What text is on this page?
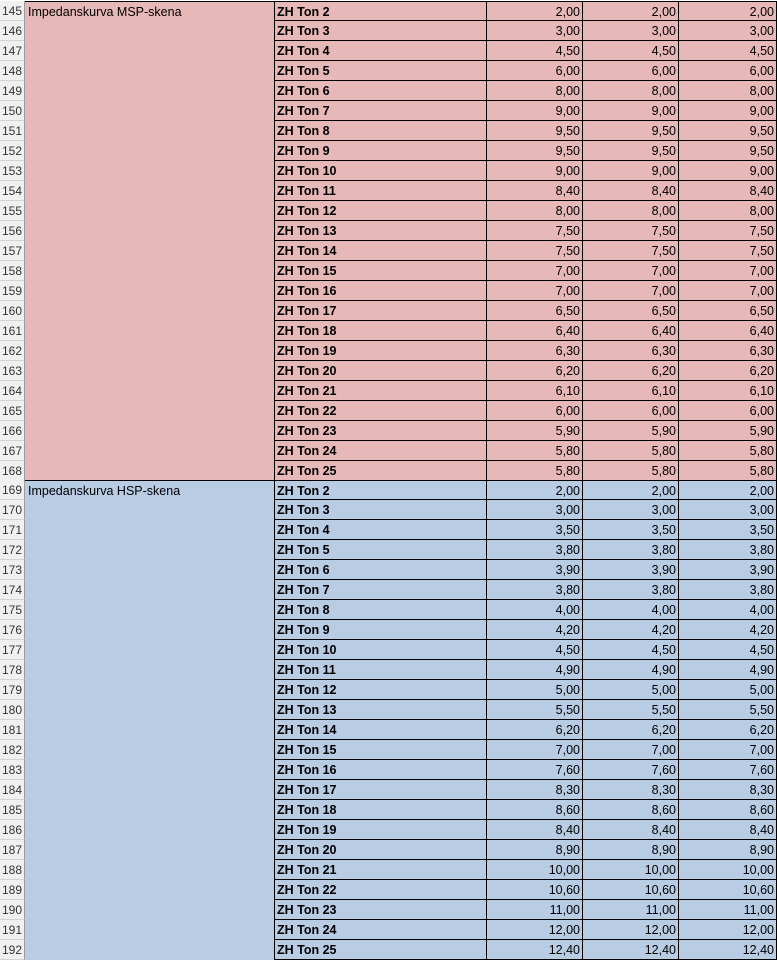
145 Impedanskurva MSP-skena	ZH Ton 2	2,00	2,00	2,00
146	ZH Ton 3	3,00	3,00	3,00
147	ZH Ton 4	4,50	4,50	4,50
148	ZH Ton 5	6,00	6,00	6,00
149	ZH Ton 6	8,00	8,00	8,00
150	ZH Ton 7	9,00	9,00	9,00
151	ZH Ton 8	9,50	9,50	9,50
152	ZH Ton 9	9,50	9,50	9,50
153	ZH Ton 10	9,00	9,00	9,00
154	ZH Ton 11	8,40	8,40	8,40
155	ZH Ton 12	8,00	8,00	8,00
156	ZH Ton 13	7,50	7,50	7,50
157	ZH Ton 14	7,50	7,50	7,50
158	ZH Ton 15	7,00	7,00	7,00
159	ZH Ton 16	7,00	7,00	7,00
160	ZH Ton 17	6,50	6,50	6,50
161	ZH Ton 18	6,40	6,40	6,40
162	ZH Ton 19	6,30	6,30	6,30
163	ZH Ton 20	6,20	6,20	6,20
164	ZH Ton 21	6,10	6,10	6,10
165	ZH Ton 22	6,00	6,00	6,00
166	ZH Ton 23	5,90	5,90	5,90
167	ZH Ton 24	5,80	5,80	5,80
168	ZH Ton 25	5,80	5,80	5,80
169 Impedanskurva HSP-skena	ZH Ton 2	2,00	2,00	2,00
170	ZH Ton 3	3,00	3,00	3,00
171	ZH Ton 4	3,50	3,50	3,50
172	ZH Ton 5	3,80	3,80	3,80
173	ZH Ton 6	3,90	3,90	3,90
174	ZH Ton 7	3,80	3,80	3,80
175	ZH Ton 8	4,00	4,00	4,00
176	ZH Ton 9	4,20	4,20	4,20
177	ZH Ton 10	4,50	4,50	4,50
178	ZH Ton 11	4,90	4,90	4,90
179	ZH Ton 12	5,00	5,00	5,00
180	ZH Ton 13	5,50	5,50	5,50
181	ZH Ton 14	6,20	6,20	6,20
182	ZH Ton 15	7,00	7,00	7,00
183	ZH Ton 16	7,60	7,60	7,60
184	ZH Ton 17	8,30	8,30	8,30
185	ZH Ton 18	8,60	8,60	8,60
186	ZH Ton 19	8,40	8,40	8,40
187	ZH Ton 20	8,90	8,90	8,90
188	ZH Ton 21	10,00	10,00	10,00
189	ZH Ton 22	10,60	10,60	10,60
190	ZH Ton 23	11,00	11,00	11,00
191	ZH Ton 24	12,00	12,00	12,00
192	ZH Ton 25	12,40	12,40	12,40
